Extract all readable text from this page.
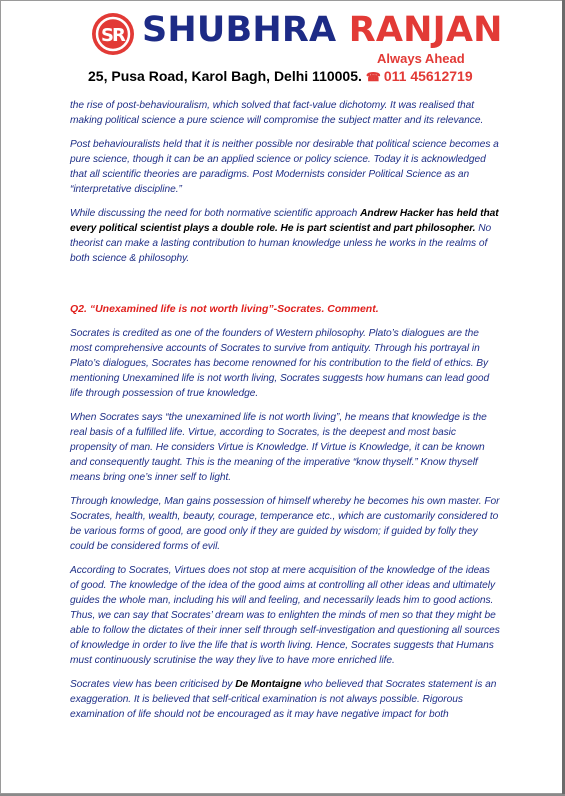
S
R SHUBHRA RANJAN
Always Ahead
25, Pusa Road, Karol Bagh, Delhi 110005. ☎ 011 45612719

the rise of post-behaviouralism, which solved that fact-value dichotomy. It was realised that making political science a pure science will compromise the subject matter and its relevance.

Post behaviouralists held that it is neither possible nor desirable that political science becomes a pure science, though it can be an applied science or policy science. Today it is acknowledged that all scientific theories are paradigms. Post Modernists consider Political Science as an “interpretative discipline.”

While discussing the need for both normative scientific approach Andrew Hacker has held that every political scientist plays a double role. He is part scientist and part philosopher. No theorist can make a lasting contribution to human knowledge unless he works in the realms of both science & philosophy.

Q2. “Unexamined life is not worth living”-Socrates. Comment.

Socrates is credited as one of the founders of Western philosophy. Plato’s dialogues are the most comprehensive accounts of Socrates to survive from antiquity. Through his portrayal in Plato’s dialogues, Socrates has become renowned for his contribution to the field of ethics. By mentioning Unexamined life is not worth living, Socrates suggests how humans can lead good life through possession of true knowledge.

When Socrates says “the unexamined life is not worth living”, he means that knowledge is the real basis of a fulfilled life. Virtue, according to Socrates, is the deepest and most basic propensity of man. He considers Virtue is Knowledge. If Virtue is Knowledge, it can be known and consequently taught. This is the meaning of the imperative “know thyself.” Know thyself means bring one’s inner self to light.

Through knowledge, Man gains possession of himself whereby he becomes his own master. For Socrates, health, wealth, beauty, courage, temperance etc., which are customarily considered to be various forms of good, are good only if they are guided by wisdom; if guided by folly they could be considered forms of evil.

According to Socrates, Virtues does not stop at mere acquisition of the knowledge of the ideas of good. The knowledge of the idea of the good aims at controlling all other ideas and ultimately guides the whole man, including his will and feeling, and necessarily leads him to good actions. Thus, we can say that Socrates’ dream was to enlighten the minds of men so that they might be able to follow the dictates of their inner self through self-investigation and questioning all sources of knowledge in order to live the life that is worth living. Hence, Socrates suggests that Humans must continuously scrutinise the way they live to have more enriched life.

Socrates view has been criticised by De Montaigne who believed that Socrates statement is an exaggeration. It is believed that self-critical examination is not always possible. Rigorous examination of life should not be encouraged as it may have negative impact for both
